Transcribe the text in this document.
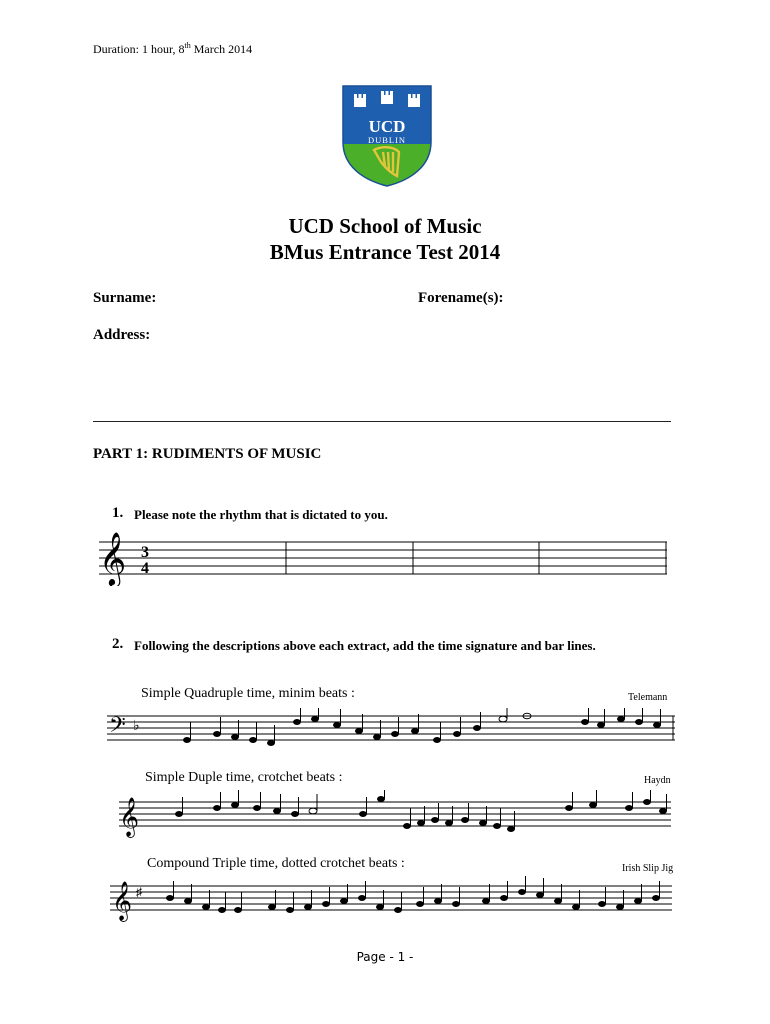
Duration: 1 hour, 8th March 2014
UCD
DUBLIN
UCD School of Music
BMus Entrance Test 2014
Surname:	Forename(s):
Address:
PART 1: RUDIMENTS OF MUSIC
1. Please note the rhythm that is dictated to you.
𝄞 3
4
2. Following the descriptions above each extract, add the time signature and bar lines.
Simple Quadruple time, minim beats :	Telemann
𝄢 ♭
Simple Duple time, crotchet beats :	Haydn
𝄞
Compound Triple time, dotted crotchet beats :	Irish Slip Jig
𝄞 ♯
Page - 1 -
